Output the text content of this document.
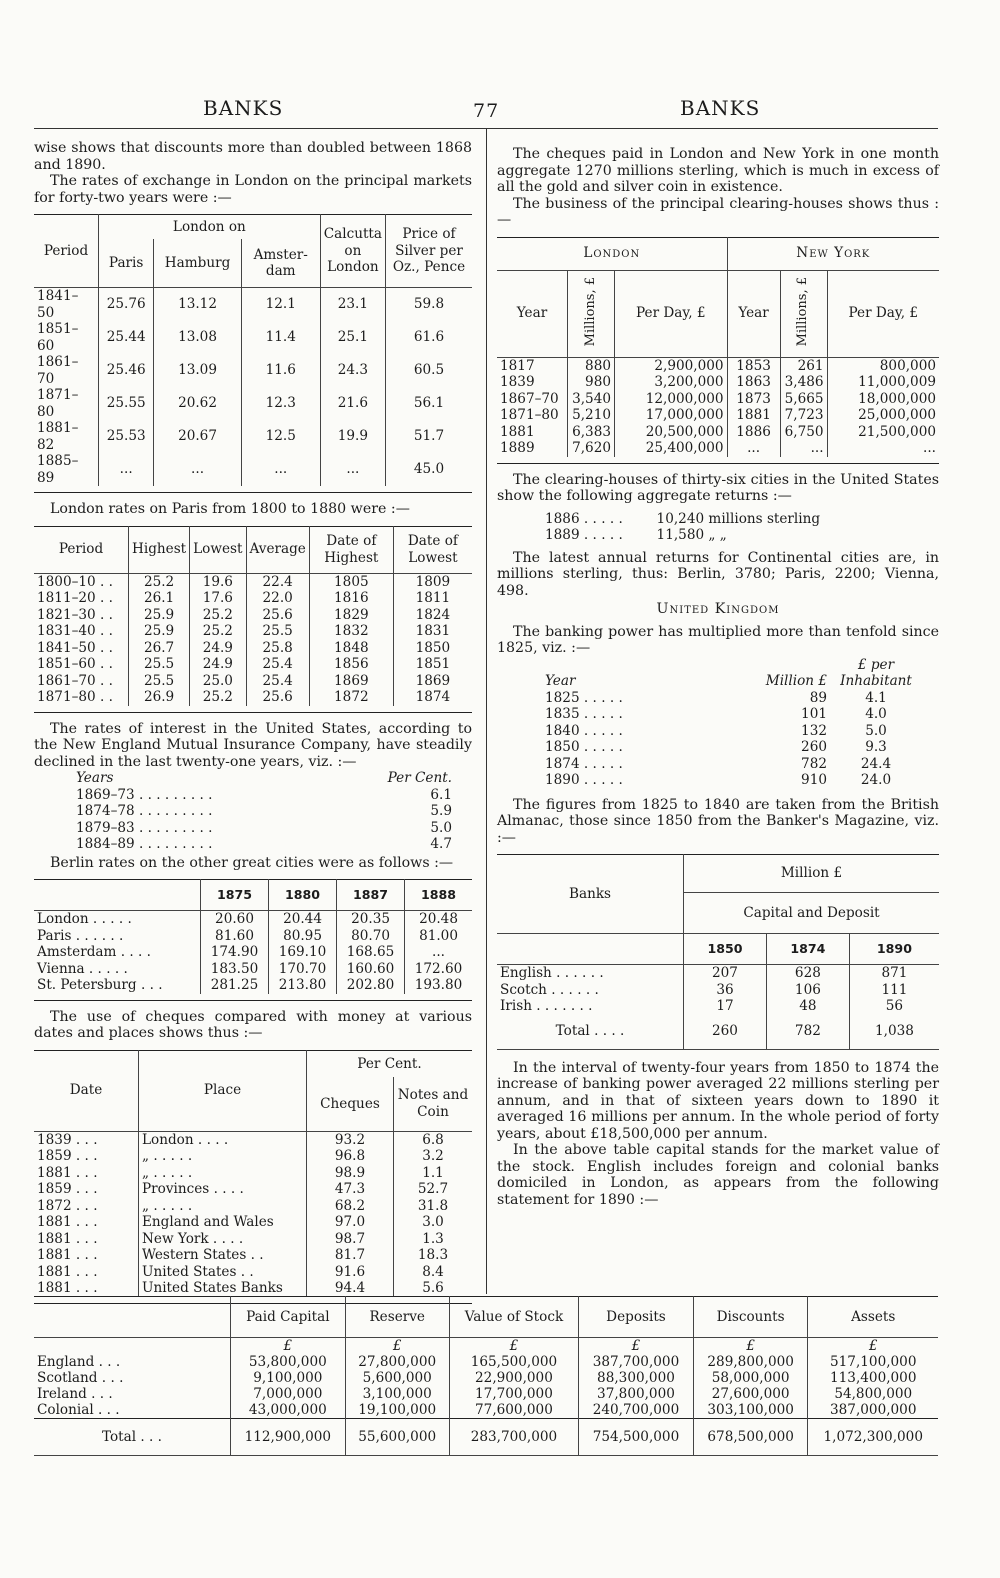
BANKS	77	BANKS

wise shows that discounts more than doubled between 1868 and 1890.

The rates of exchange in London on the principal markets for forty-two years were :—

Period	London on			Calcutta on London	Price of Silver per Oz., Pence
	Paris	Hamburg	Amster-dam		
1841–50	25.76	13.12	12.1	23.1	59.8
1851–60	25.44	13.08	11.4	25.1	61.6
1861–70	25.46	13.09	11.6	24.3	60.5
1871–80	25.55	20.62	12.3	21.6	56.1
1881–82	25.53	20.67	12.5	19.9	51.7
1885–89	...	...	...	...	45.0

London rates on Paris from 1800 to 1880 were :—

Period	Highest	Lowest	Average	Date of Highest	Date of Lowest
1800–10 . .	25.2	19.6	22.4	1805	1809
1811–20 . .	26.1	17.6	22.0	1816	1811
1821–30 . .	25.9	25.2	25.6	1829	1824
1831–40 . .	25.9	25.2	25.5	1832	1831
1841–50 . .	26.7	24.9	25.8	1848	1850
1851–60 . .	25.5	24.9	25.4	1856	1851
1861–70 . .	25.5	25.0	25.4	1869	1869
1871–80 . .	26.9	25.2	25.6	1872	1874

The rates of interest in the United States, according to the New England Mutual Insurance Company, have steadily declined in the last twenty-one years, viz. :—

Years	Per Cent.
1869–73 . . . . . . . . .	6.1
1874–78 . . . . . . . . .	5.9
1879–83 . . . . . . . . .	5.0
1884–89 . . . . . . . . .	4.7

Berlin rates on the other great cities were as follows :—

	1875	1880	1887	1888
London . . . . .	20.60	20.44	20.35	20.48
Paris . . . . . .	81.60	80.95	80.70	81.00
Amsterdam . . . .	174.90	169.10	168.65	...
Vienna . . . . .	183.50	170.70	160.60	172.60
St. Petersburg . . .	281.25	213.80	202.80	193.80

The use of cheques compared with money at various dates and places shows thus :—

Date	Place	Per Cent.	
		Cheques	Notes and Coin
1839 . . .	London . . . .	93.2	6.8
1859 . . .	„ . . . . .	96.8	3.2
1881 . . .	„ . . . . .	98.9	1.1
1859 . . .	Provinces . . . .	47.3	52.7
1872 . . .	„ . . . . .	68.2	31.8
1881 . . .	England and Wales	97.0	3.0
1881 . . .	New York . . . .	98.7	1.3
1881 . . .	Western States . .	81.7	18.3
1881 . . .	United States . .	91.6	8.4
1881 . . .	United States Banks	94.4	5.6

The cheques paid in London and New York in one month aggregate 1270 millions sterling, which is much in excess of all the gold and silver coin in existence.

The business of the principal clearing-houses shows thus :—

London			New York		
Year	Millions, £	Per Day, £	Year	Millions, £	Per Day, £
1817	880	2,900,000	1853	261	800,000
1839	980	3,200,000	1863	3,486	11,000,009
1867–70	3,540	12,000,000	1873	5,665	18,000,000
1871–80	5,210	17,000,000	1881	7,723	25,000,000
1881	6,383	20,500,000	1886	6,750	21,500,000
1889	7,620	25,400,000	...	...	...

The clearing-houses of thirty-six cities in the United States show the following aggregate returns :—

1886 . . . . .	10,240 millions sterling
1889 . . . . .	11,580 „ „

The latest annual returns for Continental cities are, in millions sterling, thus: Berlin, 3780; Paris, 2200; Vienna, 498.

United Kingdom

The banking power has multiplied more than tenfold since 1825, viz. :—

Year	Million £	£ per Inhabitant
1825 . . . . .	89	4.1
1835 . . . . .	101	4.0
1840 . . . . .	132	5.0
1850 . . . . .	260	9.3
1874 . . . . .	782	24.4
1890 . . . . .	910	24.0

The figures from 1825 to 1840 are taken from the British Almanac, those since 1850 from the Banker's Magazine, viz. :—

Banks	Million £		
	Capital and Deposit		
	1850	1874	1890
English . . . . . .	207	628	871
Scotch . . . . . .	36	106	111
Irish . . . . . . .	17	48	56
Total . . . .	260	782	1,038

In the interval of twenty-four years from 1850 to 1874 the increase of banking power averaged 22 millions sterling per annum, and in that of sixteen years down to 1890 it averaged 16 millions per annum. In the whole period of forty years, about £18,500,000 per annum.

In the above table capital stands for the market value of the stock. English includes foreign and colonial banks domiciled in London, as appears from the following statement for 1890 :—

	Paid Capital	Reserve	Value of Stock	Deposits	Discounts	Assets
	£	£	£	£	£	£
England . . .	53,800,000	27,800,000	165,500,000	387,700,000	289,800,000	517,100,000
Scotland . . .	9,100,000	5,600,000	22,900,000	88,300,000	58,000,000	113,400,000
Ireland . . .	7,000,000	3,100,000	17,700,000	37,800,000	27,600,000	54,800,000
Colonial . . .	43,000,000	19,100,000	77,600,000	240,700,000	303,100,000	387,000,000
Total . . .	112,900,000	55,600,000	283,700,000	754,500,000	678,500,000	1,072,300,000
